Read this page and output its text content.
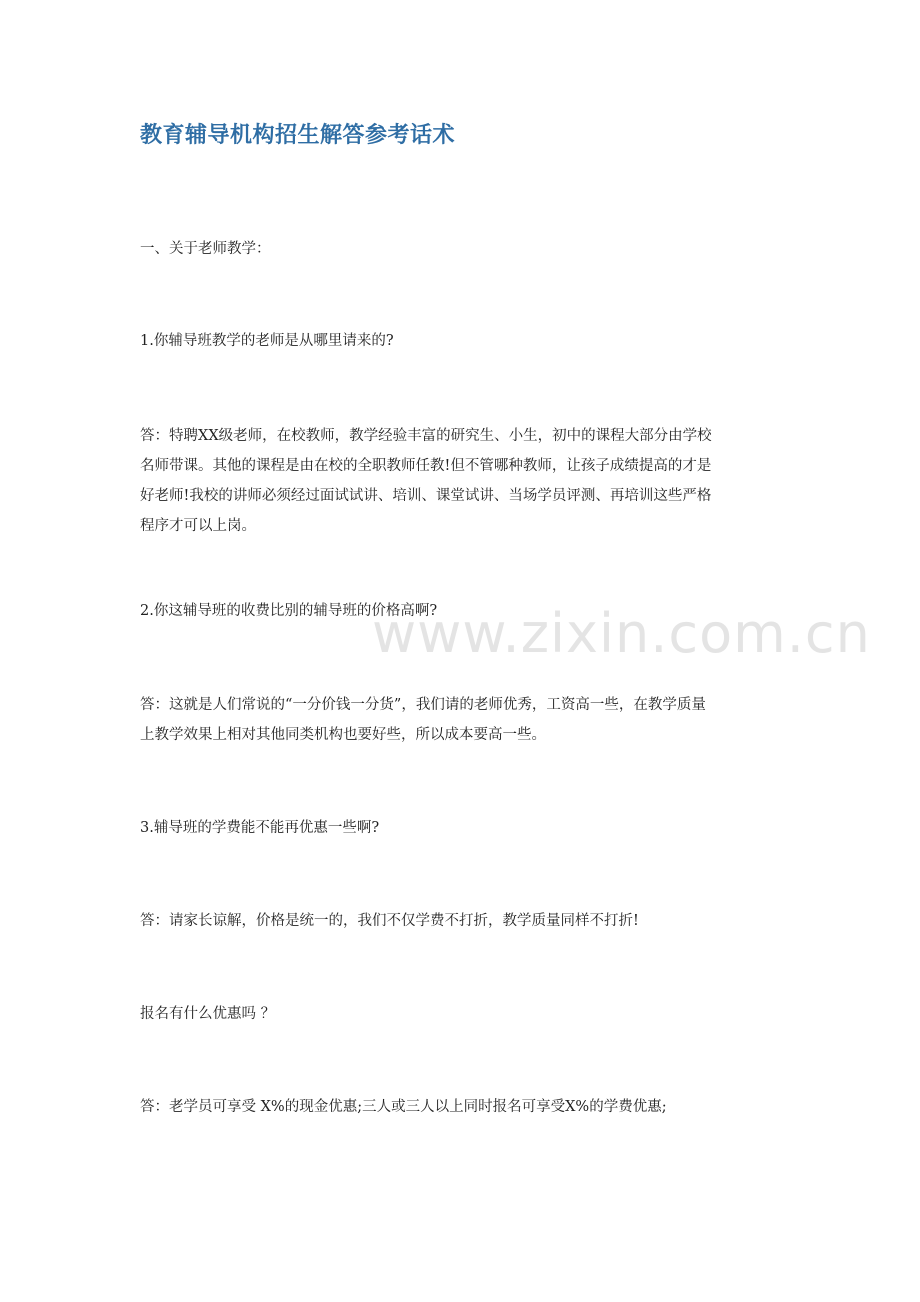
教育辅导机构招生解答参考话术
一、关于老师教学：
1.你辅导班教学的老师是从哪里请来的?
答：特聘XX级老师，在校教师，教学经验丰富的研究生、小生，初中的课程大部分由学校
名师带课。其他的课程是由在校的全职教师任教!但不管哪种教师，让孩子成绩提高的才是
好老师!我校的讲师必须经过面试试讲、培训、课堂试讲、当场学员评测、再培训这些严格
程序才可以上岗。
2.你这辅导班的收费比别的辅导班的价格高啊?
答：这就是人们常说的“一分价钱一分货”，我们请的老师优秀，工资高一些，在教学质量
上教学效果上相对其他同类机构也要好些，所以成本要高一些。
3.辅导班的学费能不能再优惠一些啊?
答：请家长谅解，价格是统一的，我们不仅学费不打折，教学质量同样不打折!
报名有什么优惠吗 ？
答：老学员可享受 X%的现金优惠;三人或三人以上同时报名可享受X%的学费优惠;
www.zixin.com.cn
